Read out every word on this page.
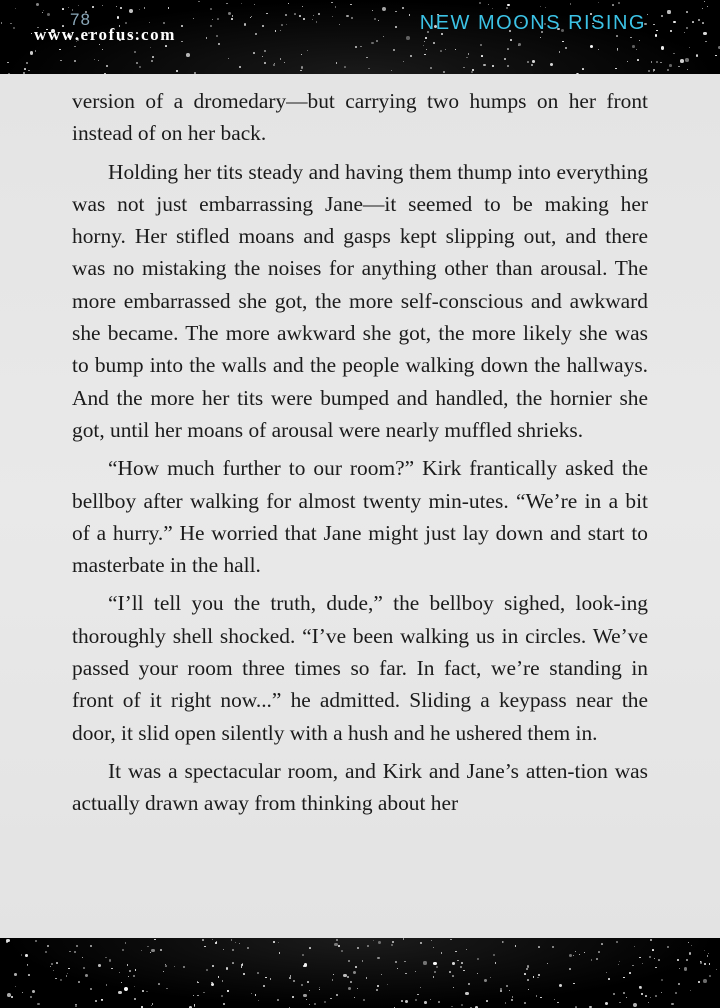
78
www.erofus.com
NEW MOONS RISING

version of a dromedary—but carrying two humps on her front instead of on her back.

Holding her tits steady and having them thump into everything was not just embarrassing Jane—it seemed to be making her horny. Her stifled moans and gasps kept slipping out, and there was no mistaking the noises for anything other than arousal. The more embarrassed she got, the more self-conscious and awkward she became. The more awkward she got, the more likely she was to bump into the walls and the people walking down the hallways. And the more her tits were bumped and handled, the hornier she got, until her moans of arousal were nearly muffled shrieks.

“How much further to our room?” Kirk frantically asked the bellboy after walking for almost twenty min-utes. “We’re in a bit of a hurry.” He worried that Jane might just lay down and start to masterbate in the hall.

“I’ll tell you the truth, dude,” the bellboy sighed, look-ing thoroughly shell shocked. “I’ve been walking us in circles. We’ve passed your room three times so far. In fact, we’re standing in front of it right now...” he admitted. Sliding a keypass near the door, it slid open silently with a hush and he ushered them in.

It was a spectacular room, and Kirk and Jane’s atten-tion was actually drawn away from thinking about her
